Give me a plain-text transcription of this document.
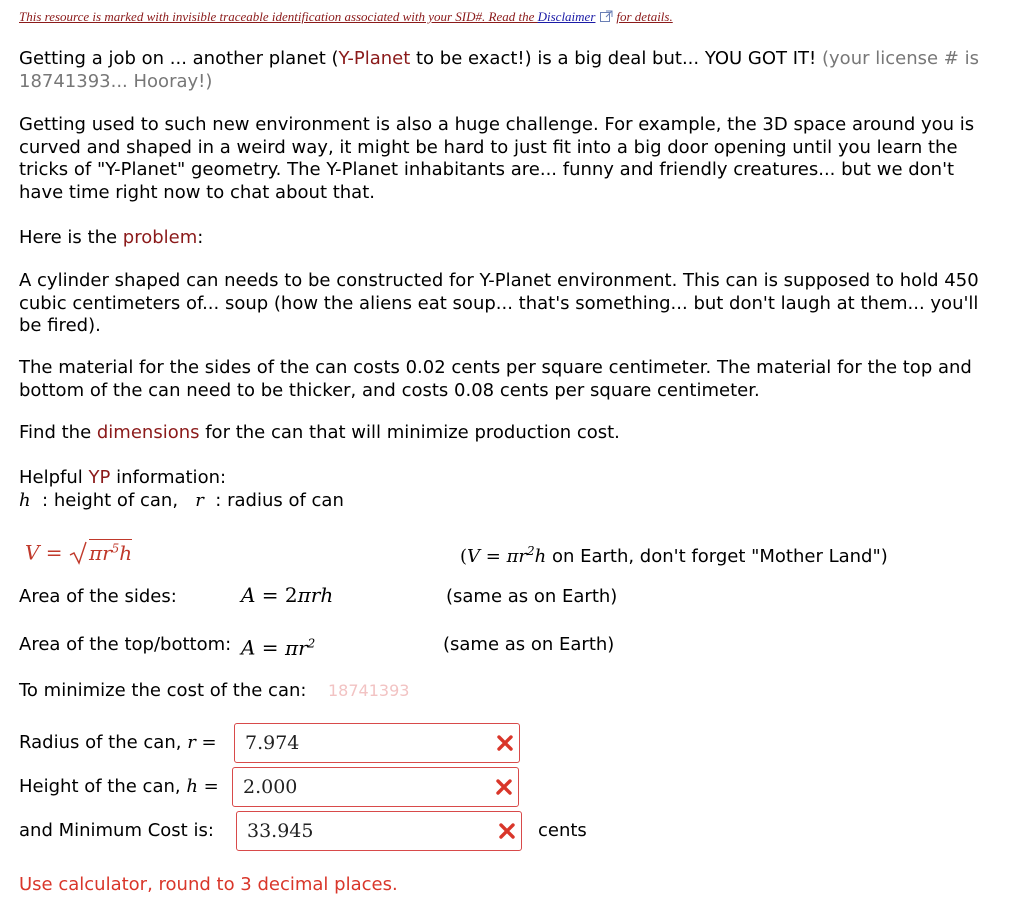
This resource is marked with invisible traceable identification associated with your SID#. Read the Disclaimer for details.
Getting a job on ... another planet (Y-Planet to be exact!) is a big deal but... YOU GOT IT! (your license # is 18741393... Hooray!)
Getting used to such new environment is also a huge challenge. For example, the 3D space around you is curved and shaped in a weird way, it might be hard to just fit into a big door opening until you learn the tricks of "Y-Planet" geometry. The Y-Planet inhabitants are... funny and friendly creatures... but we don't have time right now to chat about that.
Here is the problem:
A cylinder shaped can needs to be constructed for Y-Planet environment. This can is supposed to hold 450 cubic centimeters of... soup (how the aliens eat soup... that's something... but don't laugh at them... you'll be fired).
The material for the sides of the can costs 0.02 cents per square centimeter. The material for the top and bottom of the can need to be thicker, and costs 0.08 cents per square centimeter.
Find the dimensions for the can that will minimize production cost.
Helpful YP information:
h : height of can, r : radius of can
$V = \pi r^5h$	($V = \pi r^2h$ on Earth, don't forget "Mother Land")
Area of the sides:	A = 2πrh	(same as on Earth)
Area of the top/bottom: $A = \pi r^2$	(same as on Earth)
To minimize the cost of the can: 18741393
Radius of the can, r =
7.974
Height of the can, h =
2.000
and Minimum Cost is:
33.945	cents
Use calculator, round to 3 decimal places.
